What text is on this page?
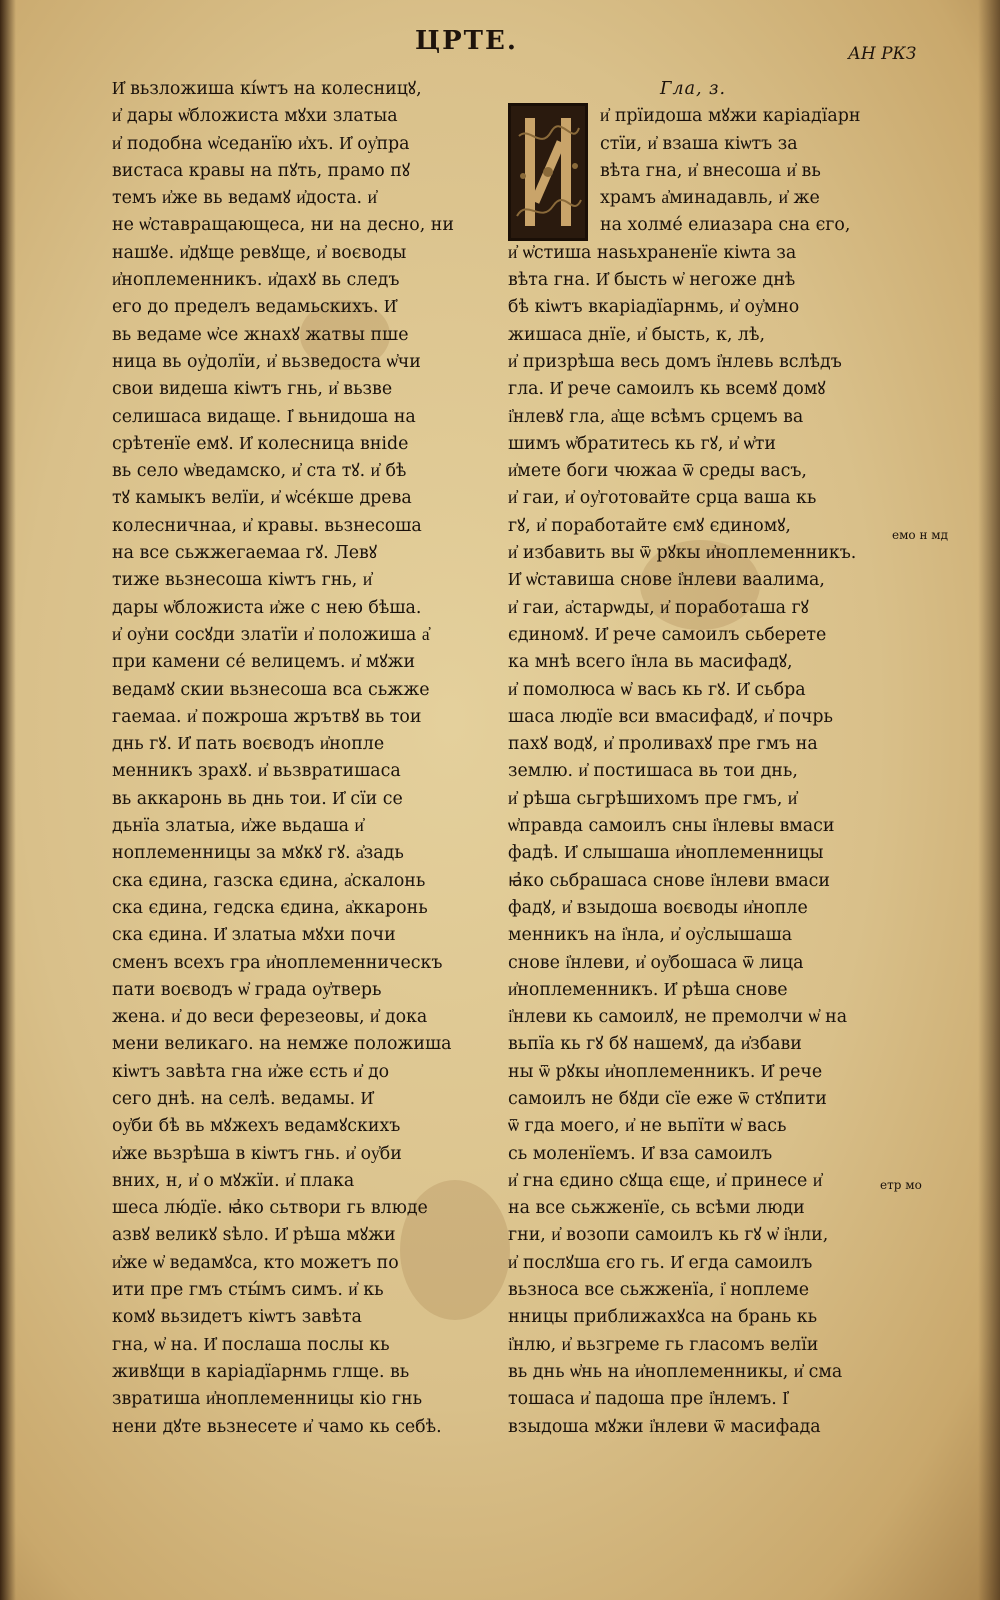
ЦРТЕ.	АН РКЗ
И҆ вьзложиша кі́ѡтъ на колесницꙋ,
и҆ дары ѡ҆бложиста мꙋхи златыа
и҆ подобна ѡ҆седанїю и҆хъ. И҆ оу҆пра
вистаса кравы на пꙋть, прамо пꙋ
темъ и҆же вь ведамꙋ и҆доста. и҆
не ѡ҆ставращающеса, ни на десно, ни
нашꙋе. и҆дꙋще ревꙋще, и҆ воєводы
и҆ноплеменникъ. и҆дахꙋ вь следъ
его до пределъ ведамьскихъ. И҆
вь ведаме ѡ҆се жнахꙋ жатвы пше
ница вь оу҆долїи, и҆ вьзведоста ѡ҆чи
свои видеша кіѡтъ гнь, и҆ вьзве
селишаса видаще. І҆ вьнидоша на
срѣтенїе емꙋ. И҆ колесница внide
вь село ѡ҆ведамско, и҆ ста тꙋ. и҆ бѣ
тꙋ камыкъ велїи, и҆ ѡ҆се́кше древа
колесничнаа, и҆ кравы. вьзнесоша
на все сьжжегаемаа гꙋ. Левꙋ
тиже вьзнесоша кіѡтъ гнь, и҆
дары ѡ҆бложиста и҆же с нею бѣша.
и҆ оу҆ни сосꙋди златїи и҆ положиша а҆
при камени се́ велицемъ. и҆ мꙋжи
ведамꙋ скии вьзнесоша вса сьжже
гаемаа. и҆ пожроша жрътвꙋ вь тои
днь гꙋ. И҆ пать воєводъ и҆нопле
менникъ зрахꙋ. и҆ вьзвратишаса
вь аккаронь вь днь тои. И҆ сїи се
дьнїа златыа, и҆же вьдаша и҆
ноплеменницы за мꙋкꙋ гꙋ. а҆задь
ска єдина, газска єдина, а҆скалонь
ска єдина, гедска єдина, а҆ккаронь
ска єдина. И҆ златыа мꙋхи почи
сменъ всехъ гра и҆ноплеменническъ
пати воєводъ ѡ҆ града оу҆тверь
жена. и҆ до веси ферезеовы, и҆ дока
мени великаго. на немже положиша
кіѡтъ завѣта гна и҆же єсть и҆ до
сего днѣ. на селѣ. ведамы. И҆
оу҆би бѣ вь мꙋжехъ ведамꙋскихъ
и҆же вьзрѣша в кіѡтъ гнь. и҆ оу҆би
вних, н, и҆ о мꙋжїи. и҆ плака
шеса лю́дїе. ꙗ҆ко сьтвори гь влюде
азвꙋ великꙋ ѕѣло. И҆ рѣша мꙋжи
и҆же ѡ҆ ведамꙋса, кто можетъ по
ити пре гмъ сты́мъ симъ. и҆ кь
комꙋ вьзидетъ кіѡтъ завѣта
гна, ѡ҆ на. И҆ послаша послы кь
живꙋщи в каріадїарнмь глще. вь
звратиша и҆ноплеменницы кіо гнь
нени дꙋте вьзнесете и҆ чамо кь себѣ.
Гла, з.
и҆ прїидоша мꙋжи каріадїарн
стїи, и҆ взаша кіѡтъ за
вѣта гна, и҆ внесоша и҆ вь
храмъ а҆минадавль, и҆ же
на холме́ елиазара сна єго,
и҆ ѡ҆стиша наsьхраненїе кіѡта за
вѣта гна. И҆ бысть ѡ҆ негоже днѣ
бѣ кіѡтъ вкаріадїарнмь, и҆ оу҆мно
жишаса днїе, и҆ бысть, к, лѣ,
и҆ призрѣша весь домъ і҆нлевь вслѣдъ
гла. И҆ рече самоилъ кь всемꙋ домꙋ
і҆нлевꙋ гла, а҆ще всѣмъ срцемъ ва
шимъ ѡ҆братитесь кь гꙋ, и҆ ѡ҆ти
и҆мете боги чюжаа ѿ среды васъ,
и҆ гаи, и҆ оу҆готовайте срца ваша кь
гꙋ, и҆ поработайте ємꙋ єдиномꙋ,
и҆ избавить вы ѿ рꙋкы и҆ноплеменникъ.
И҆ ѡ҆ставиша снове і҆нлеви ваалима,
и҆ гаи, а҆старѡды, и҆ поработаша гꙋ
єдиномꙋ. И҆ рече самоилъ сьберете
ка мнѣ всего і҆нла вь масифадꙋ,
и҆ помолюса ѡ҆ вась кь гꙋ. И҆ сьбра
шаса людїе вси вмасифадꙋ, и҆ почрь
пахꙋ водꙋ, и҆ проливахꙋ пре гмъ на
землю. и҆ постишаса вь тои днь,
и҆ рѣша сьгрѣшихомъ пре гмъ, и҆
ѡ҆правда самоилъ сны і҆нлевы вмаси
фадѣ. И҆ слышаша и҆ноплеменницы
ꙗ҆ко сьбрашаса снове і҆нлеви вмаси
фадꙋ, и҆ взыдоша воєводы и҆нопле
менникъ на і҆нла, и҆ оу҆слышаша
снове і҆нлеви, и҆ оу҆бошаса ѿ лица
и҆ноплеменникъ. И҆ рѣша снове
і҆нлеви кь самоилꙋ, не премолчи ѡ҆ на
вьпїа кь гꙋ бꙋ нашемꙋ, да и҆збави
ны ѿ рꙋкы и҆ноплеменникъ. И҆ рече
самоилъ не бꙋди сїе еже ѿ стꙋпити
ѿ гда моего, и҆ не вьпїти ѡ҆ вась
сь моленїемъ. И҆ вза самоилъ
и҆ гна єдино сꙋща єще, и҆ принесе и҆
на все сьжженїе, сь всѣми люди
гни, и҆ возопи самоилъ кь гꙋ ѡ҆ і҆нли,
и҆ послꙋша єго гь. И҆ егда самоилъ
вьзноса все сьжженїа, і҆ ноплеме
нницы приближахꙋса на брань кь
і҆нлю, и҆ вьзгреме гь гласомъ велїи
вь днь ѡ҆нь на и҆ноплеменникы, и҆ сма
тошаса и҆ падоша пре і҆нлемъ. І҆
взыдоша мꙋжи і҆нлеви ѿ масифада
емо н мд
етр мо
